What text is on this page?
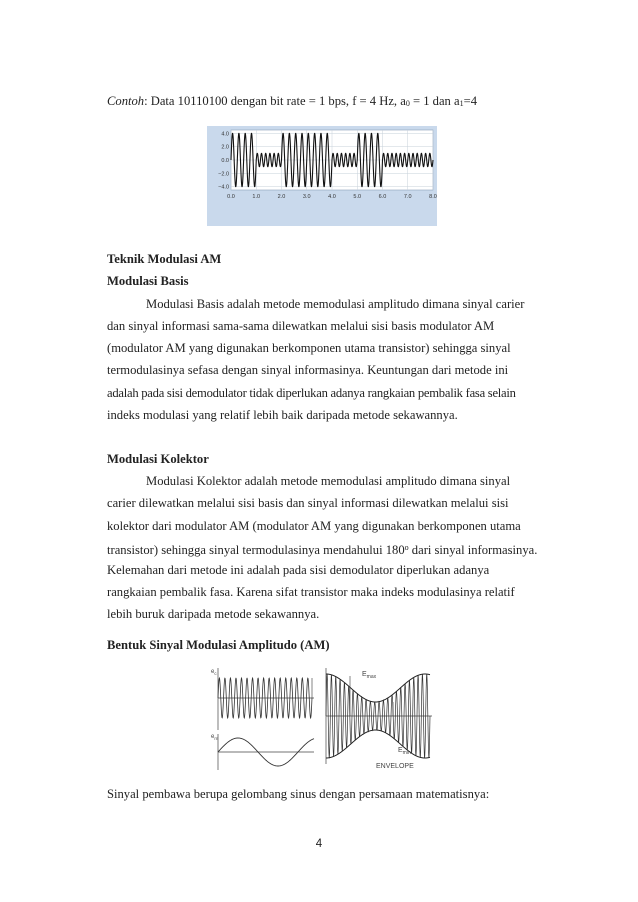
Contoh: Data 10110100 dengan bit rate = 1 bps, f = 4 Hz, $a_0 = 1$ dan $a_1=4$
4.0
2.0
0.0
−2.0
−4.0
0.0	1.0	2.0	3.0	4.0	5.0	6.0	7.0	8.0
Teknik Modulasi AM
Modulasi Basis
Modulasi Basis adalah metode memodulasi amplitudo dimana sinyal carier
dan sinyal informasi sama-sama dilewatkan melalui sisi basis modulator AM
(modulator AM yang digunakan berkomponen utama transistor) sehingga sinyal
termodulasinya sefasa dengan sinyal informasinya. Keuntungan dari metode ini
adalah pada sisi demodulator tidak diperlukan adanya rangkaian pembalik fasa selain
indeks modulasi yang relatif lebih baik daripada metode sekawannya.
Modulasi Kolektor
Modulasi Kolektor adalah metode memodulasi amplitudo dimana sinyal
carier dilewatkan melalui sisi basis dan sinyal informasi dilewatkan melalui sisi
kolektor dari modulator AM (modulator AM yang digunakan berkomponen utama
transistor) sehingga sinyal termodulasinya mendahului 180$^o$ dari sinyal informasinya.
Kelemahan dari metode ini adalah pada sisi demodulator diperlukan adanya
rangkaian pembalik fasa. Karena sifat transistor maka indeks modulasinya relatif
lebih buruk daripada metode sekawannya.
Bentuk Sinyal Modulasi Amplitudo (AM)
$e_c$
$e_m$
$E_{max}$
$E_{min}$
ENVELOPE
Sinyal pembawa berupa gelombang sinus dengan persamaan matematisnya:
4
